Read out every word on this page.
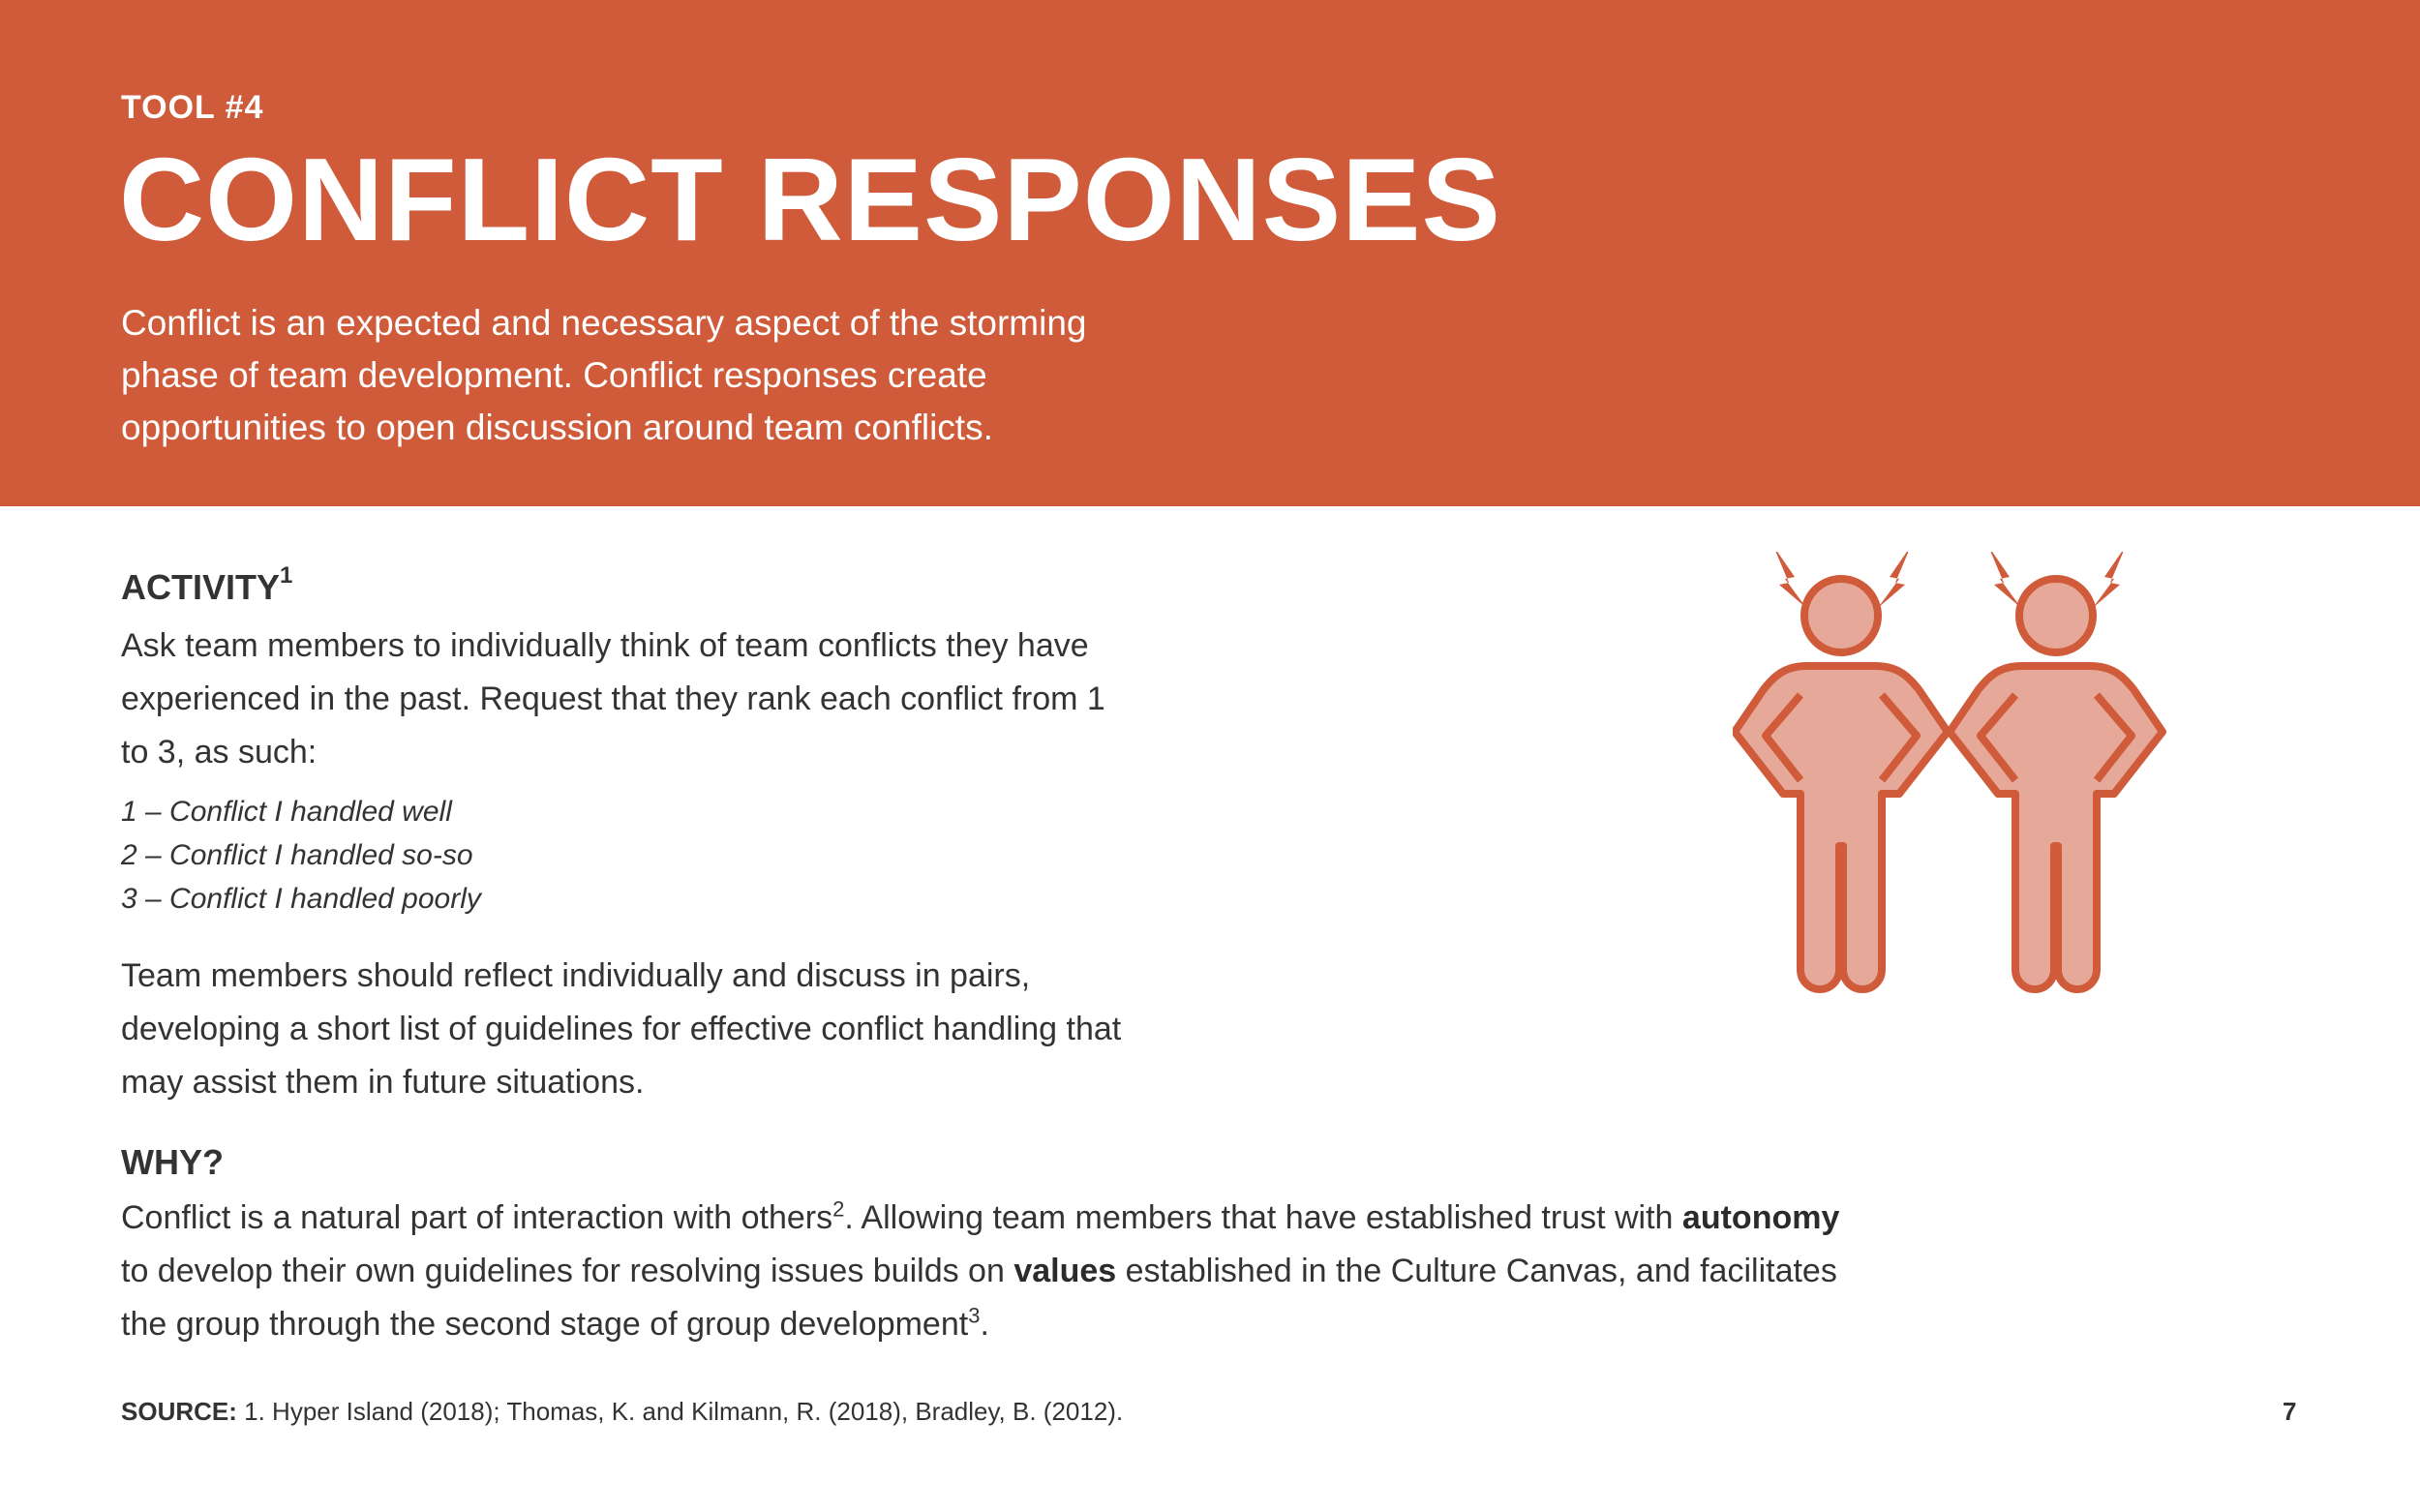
TOOL #4
CONFLICT RESPONSES
Conflict is an expected and necessary aspect of the storming
phase of team development. Conflict responses create
opportunities to open discussion around team conflicts.
ACTIVITY$^1$
Ask team members to individually think of team conflicts they have
experienced in the past. Request that they rank each conflict from 1
to 3, as such:
1 – Conflict I handled well
2 – Conflict I handled so-so
3 – Conflict I handled poorly
Team members should reflect individually and discuss in pairs,
developing a short list of guidelines for effective conflict handling that
may assist them in future situations.
WHY?
Conflict is a natural part of interaction with others$^2$. Allowing team members that have established trust with autonomy
to develop their own guidelines for resolving issues builds on values established in the Culture Canvas, and facilitates
the group through the second stage of group development$^3$.
SOURCE: 1. Hyper Island (2018); Thomas, K. and Kilmann, R. (2018), Bradley, B. (2012).	7
